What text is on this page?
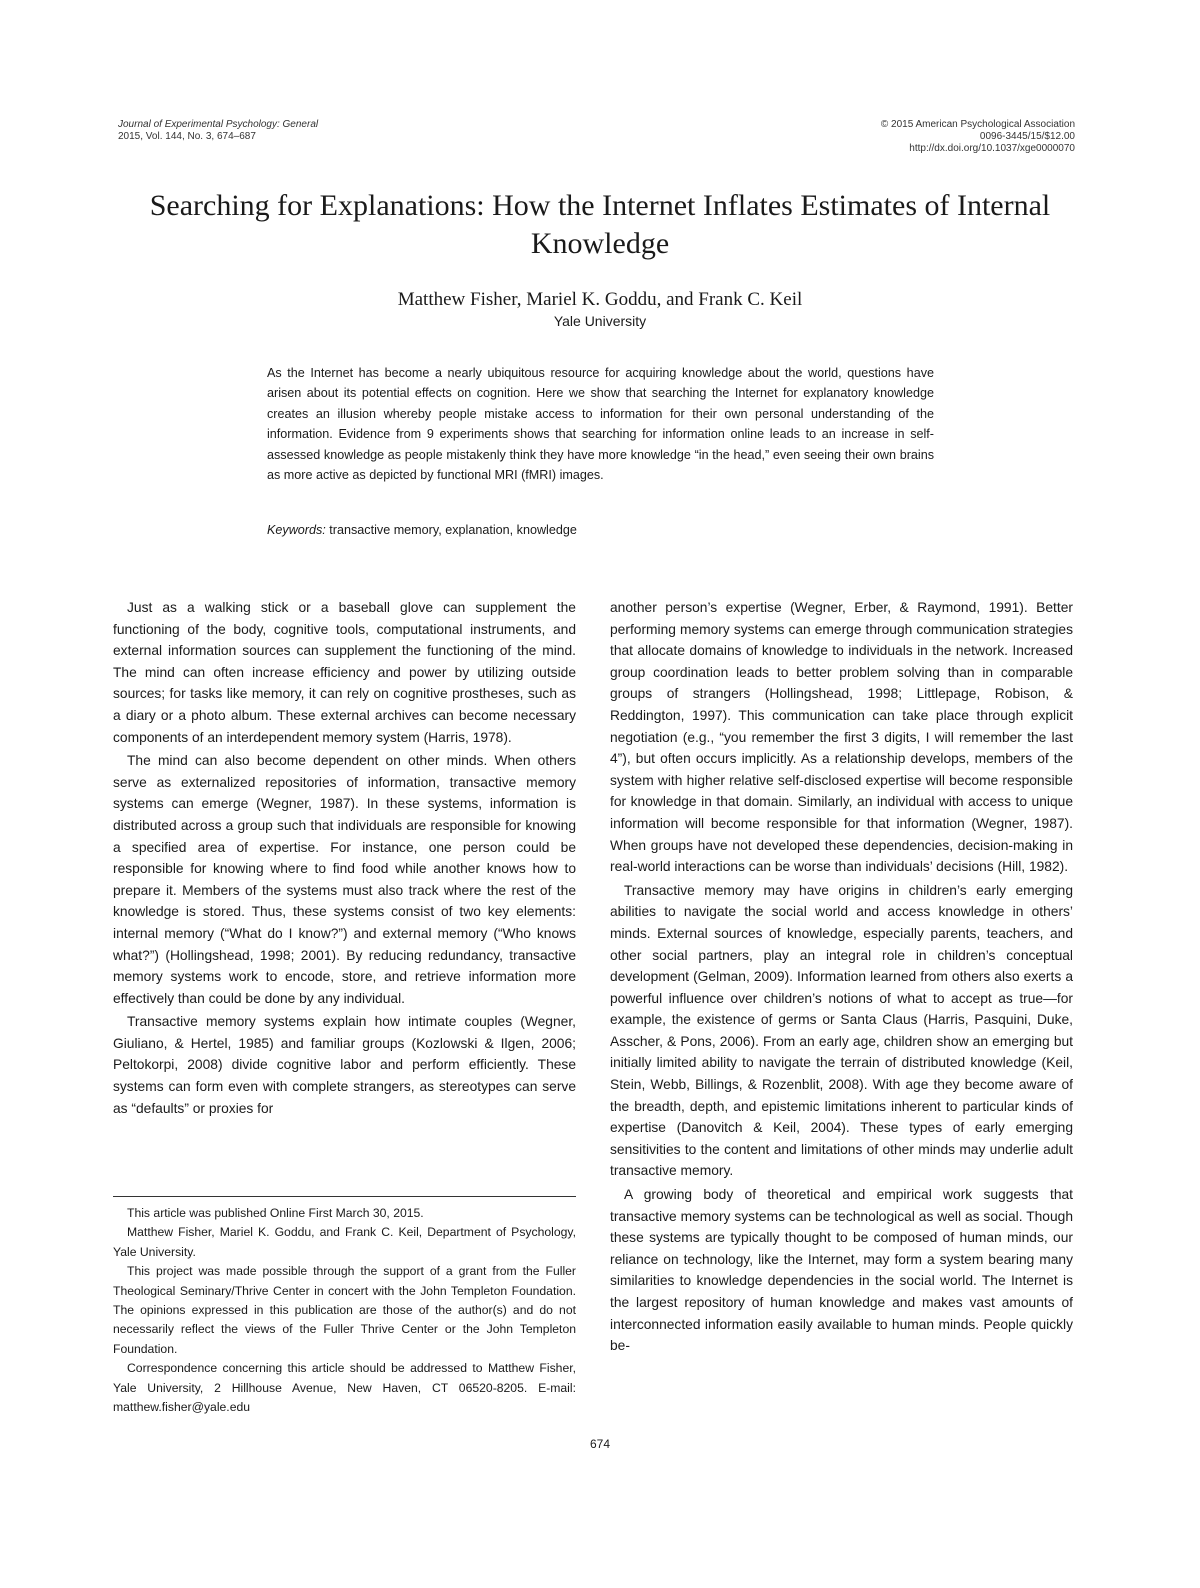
Journal of Experimental Psychology: General
2015, Vol. 144, No. 3, 674–687
© 2015 American Psychological Association
0096-3445/15/$12.00
http://dx.doi.org/10.1037/xge0000070
Searching for Explanations: How the Internet Inflates Estimates of Internal Knowledge
Matthew Fisher, Mariel K. Goddu, and Frank C. Keil
Yale University

As the Internet has become a nearly ubiquitous resource for acquiring knowledge about the world, questions have arisen about its potential effects on cognition. Here we show that searching the Internet for explanatory knowledge creates an illusion whereby people mistake access to information for their own personal understanding of the information. Evidence from 9 experiments shows that searching for information online leads to an increase in self-assessed knowledge as people mistakenly think they have more knowledge “in the head,” even seeing their own brains as more active as depicted by functional MRI (fMRI) images.

Keywords: transactive memory, explanation, knowledge

Just as a walking stick or a baseball glove can supplement the functioning of the body, cognitive tools, computational instruments, and external information sources can supplement the functioning of the mind. The mind can often increase efficiency and power by utilizing outside sources; for tasks like memory, it can rely on cognitive prostheses, such as a diary or a photo album. These external archives can become necessary components of an interdependent memory system (Harris, 1978).

The mind can also become dependent on other minds. When others serve as externalized repositories of information, transactive memory systems can emerge (Wegner, 1987). In these systems, information is distributed across a group such that individuals are responsible for knowing a specified area of expertise. For instance, one person could be responsible for knowing where to find food while another knows how to prepare it. Members of the systems must also track where the rest of the knowledge is stored. Thus, these systems consist of two key elements: internal memory (“What do I know?”) and external memory (“Who knows what?”) (Hollingshead, 1998; 2001). By reducing redundancy, transactive memory systems work to encode, store, and retrieve information more effectively than could be done by any individual.

Transactive memory systems explain how intimate couples (Wegner, Giuliano, & Hertel, 1985) and familiar groups (Kozlowski & Ilgen, 2006; Peltokorpi, 2008) divide cognitive labor and perform efficiently. These systems can form even with complete strangers, as stereotypes can serve as “defaults” or proxies for

another person’s expertise (Wegner, Erber, & Raymond, 1991). Better performing memory systems can emerge through communication strategies that allocate domains of knowledge to individuals in the network. Increased group coordination leads to better problem solving than in comparable groups of strangers (Hollingshead, 1998; Littlepage, Robison, & Reddington, 1997). This communication can take place through explicit negotiation (e.g., “you remember the first 3 digits, I will remember the last 4”), but often occurs implicitly. As a relationship develops, members of the system with higher relative self-disclosed expertise will become responsible for knowledge in that domain. Similarly, an individual with access to unique information will become responsible for that information (Wegner, 1987). When groups have not developed these dependencies, decision-making in real-world interactions can be worse than individuals’ decisions (Hill, 1982).

Transactive memory may have origins in children’s early emerging abilities to navigate the social world and access knowledge in others’ minds. External sources of knowledge, especially parents, teachers, and other social partners, play an integral role in children’s conceptual development (Gelman, 2009). Information learned from others also exerts a powerful influence over children’s notions of what to accept as true—for example, the existence of germs or Santa Claus (Harris, Pasquini, Duke, Asscher, & Pons, 2006). From an early age, children show an emerging but initially limited ability to navigate the terrain of distributed knowledge (Keil, Stein, Webb, Billings, & Rozenblit, 2008). With age they become aware of the breadth, depth, and epistemic limitations inherent to particular kinds of expertise (Danovitch & Keil, 2004). These types of early emerging sensitivities to the content and limitations of other minds may underlie adult transactive memory.

A growing body of theoretical and empirical work suggests that transactive memory systems can be technological as well as social. Though these systems are typically thought to be composed of human minds, our reliance on technology, like the Internet, may form a system bearing many similarities to knowledge dependencies in the social world. The Internet is the largest repository of human knowledge and makes vast amounts of interconnected information easily available to human minds. People quickly be-

This article was published Online First March 30, 2015.

Matthew Fisher, Mariel K. Goddu, and Frank C. Keil, Department of Psychology, Yale University.

This project was made possible through the support of a grant from the Fuller Theological Seminary/Thrive Center in concert with the John Templeton Foundation. The opinions expressed in this publication are those of the author(s) and do not necessarily reflect the views of the Fuller Thrive Center or the John Templeton Foundation.

Correspondence concerning this article should be addressed to Matthew Fisher, Yale University, 2 Hillhouse Avenue, New Haven, CT 06520-8205. E-mail: matthew.fisher@yale.edu

674
